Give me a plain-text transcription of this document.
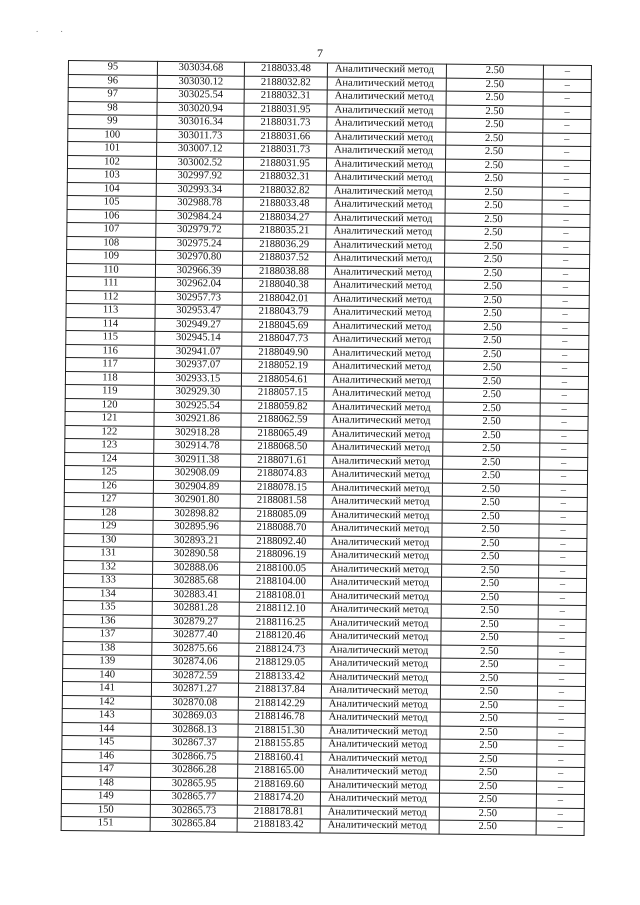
. .
7
95	303034.68	2188033.48	Аналитический метод	2.50	–
96	303030.12	2188032.82	Аналитический метод	2.50	–
97	303025.54	2188032.31	Аналитический метод	2.50	–
98	303020.94	2188031.95	Аналитический метод	2.50	–
99	303016.34	2188031.73	Аналитический метод	2.50	–
100	303011.73	2188031.66	Аналитический метод	2.50	–
101	303007.12	2188031.73	Аналитический метод	2.50	–
102	303002.52	2188031.95	Аналитический метод	2.50	–
103	302997.92	2188032.31	Аналитический метод	2.50	–
104	302993.34	2188032.82	Аналитический метод	2.50	–
105	302988.78	2188033.48	Аналитический метод	2.50	–
106	302984.24	2188034.27	Аналитический метод	2.50	–
107	302979.72	2188035.21	Аналитический метод	2.50	–
108	302975.24	2188036.29	Аналитический метод	2.50	–
109	302970.80	2188037.52	Аналитический метод	2.50	–
110	302966.39	2188038.88	Аналитический метод	2.50	–
111	302962.04	2188040.38	Аналитический метод	2.50	–
112	302957.73	2188042.01	Аналитический метод	2.50	–
113	302953.47	2188043.79	Аналитический метод	2.50	–
114	302949.27	2188045.69	Аналитический метод	2.50	–
115	302945.14	2188047.73	Аналитический метод	2.50	–
116	302941.07	2188049.90	Аналитический метод	2.50	–
117	302937.07	2188052.19	Аналитический метод	2.50	–
118	302933.15	2188054.61	Аналитический метод	2.50	–
119	302929.30	2188057.15	Аналитический метод	2.50	–
120	302925.54	2188059.82	Аналитический метод	2.50	–
121	302921.86	2188062.59	Аналитический метод	2.50	–
122	302918.28	2188065.49	Аналитический метод	2.50	–
123	302914.78	2188068.50	Аналитический метод	2.50	–
124	302911.38	2188071.61	Аналитический метод	2.50	–
125	302908.09	2188074.83	Аналитический метод	2.50	–
126	302904.89	2188078.15	Аналитический метод	2.50	–
127	302901.80	2188081.58	Аналитический метод	2.50	–
128	302898.82	2188085.09	Аналитический метод	2.50	–
129	302895.96	2188088.70	Аналитический метод	2.50	–
130	302893.21	2188092.40	Аналитический метод	2.50	–
131	302890.58	2188096.19	Аналитический метод	2.50	–
132	302888.06	2188100.05	Аналитический метод	2.50	–
133	302885.68	2188104.00	Аналитический метод	2.50	–
134	302883.41	2188108.01	Аналитический метод	2.50	–
135	302881.28	2188112.10	Аналитический метод	2.50	–
136	302879.27	2188116.25	Аналитический метод	2.50	–
137	302877.40	2188120.46	Аналитический метод	2.50	–
138	302875.66	2188124.73	Аналитический метод	2.50	–
139	302874.06	2188129.05	Аналитический метод	2.50	–
140	302872.59	2188133.42	Аналитический метод	2.50	–
141	302871.27	2188137.84	Аналитический метод	2.50	–
142	302870.08	2188142.29	Аналитический метод	2.50	–
143	302869.03	2188146.78	Аналитический метод	2.50	–
144	302868.13	2188151.30	Аналитический метод	2.50	–
145	302867.37	2188155.85	Аналитический метод	2.50	–
146	302866.75	2188160.41	Аналитический метод	2.50	–
147	302866.28	2188165.00	Аналитический метод	2.50	–
148	302865.95	2188169.60	Аналитический метод	2.50	–
149	302865.77	2188174.20	Аналитический метод	2.50	–
150	302865.73	2188178.81	Аналитический метод	2.50	–
151	302865.84	2188183.42	Аналитический метод	2.50	–
